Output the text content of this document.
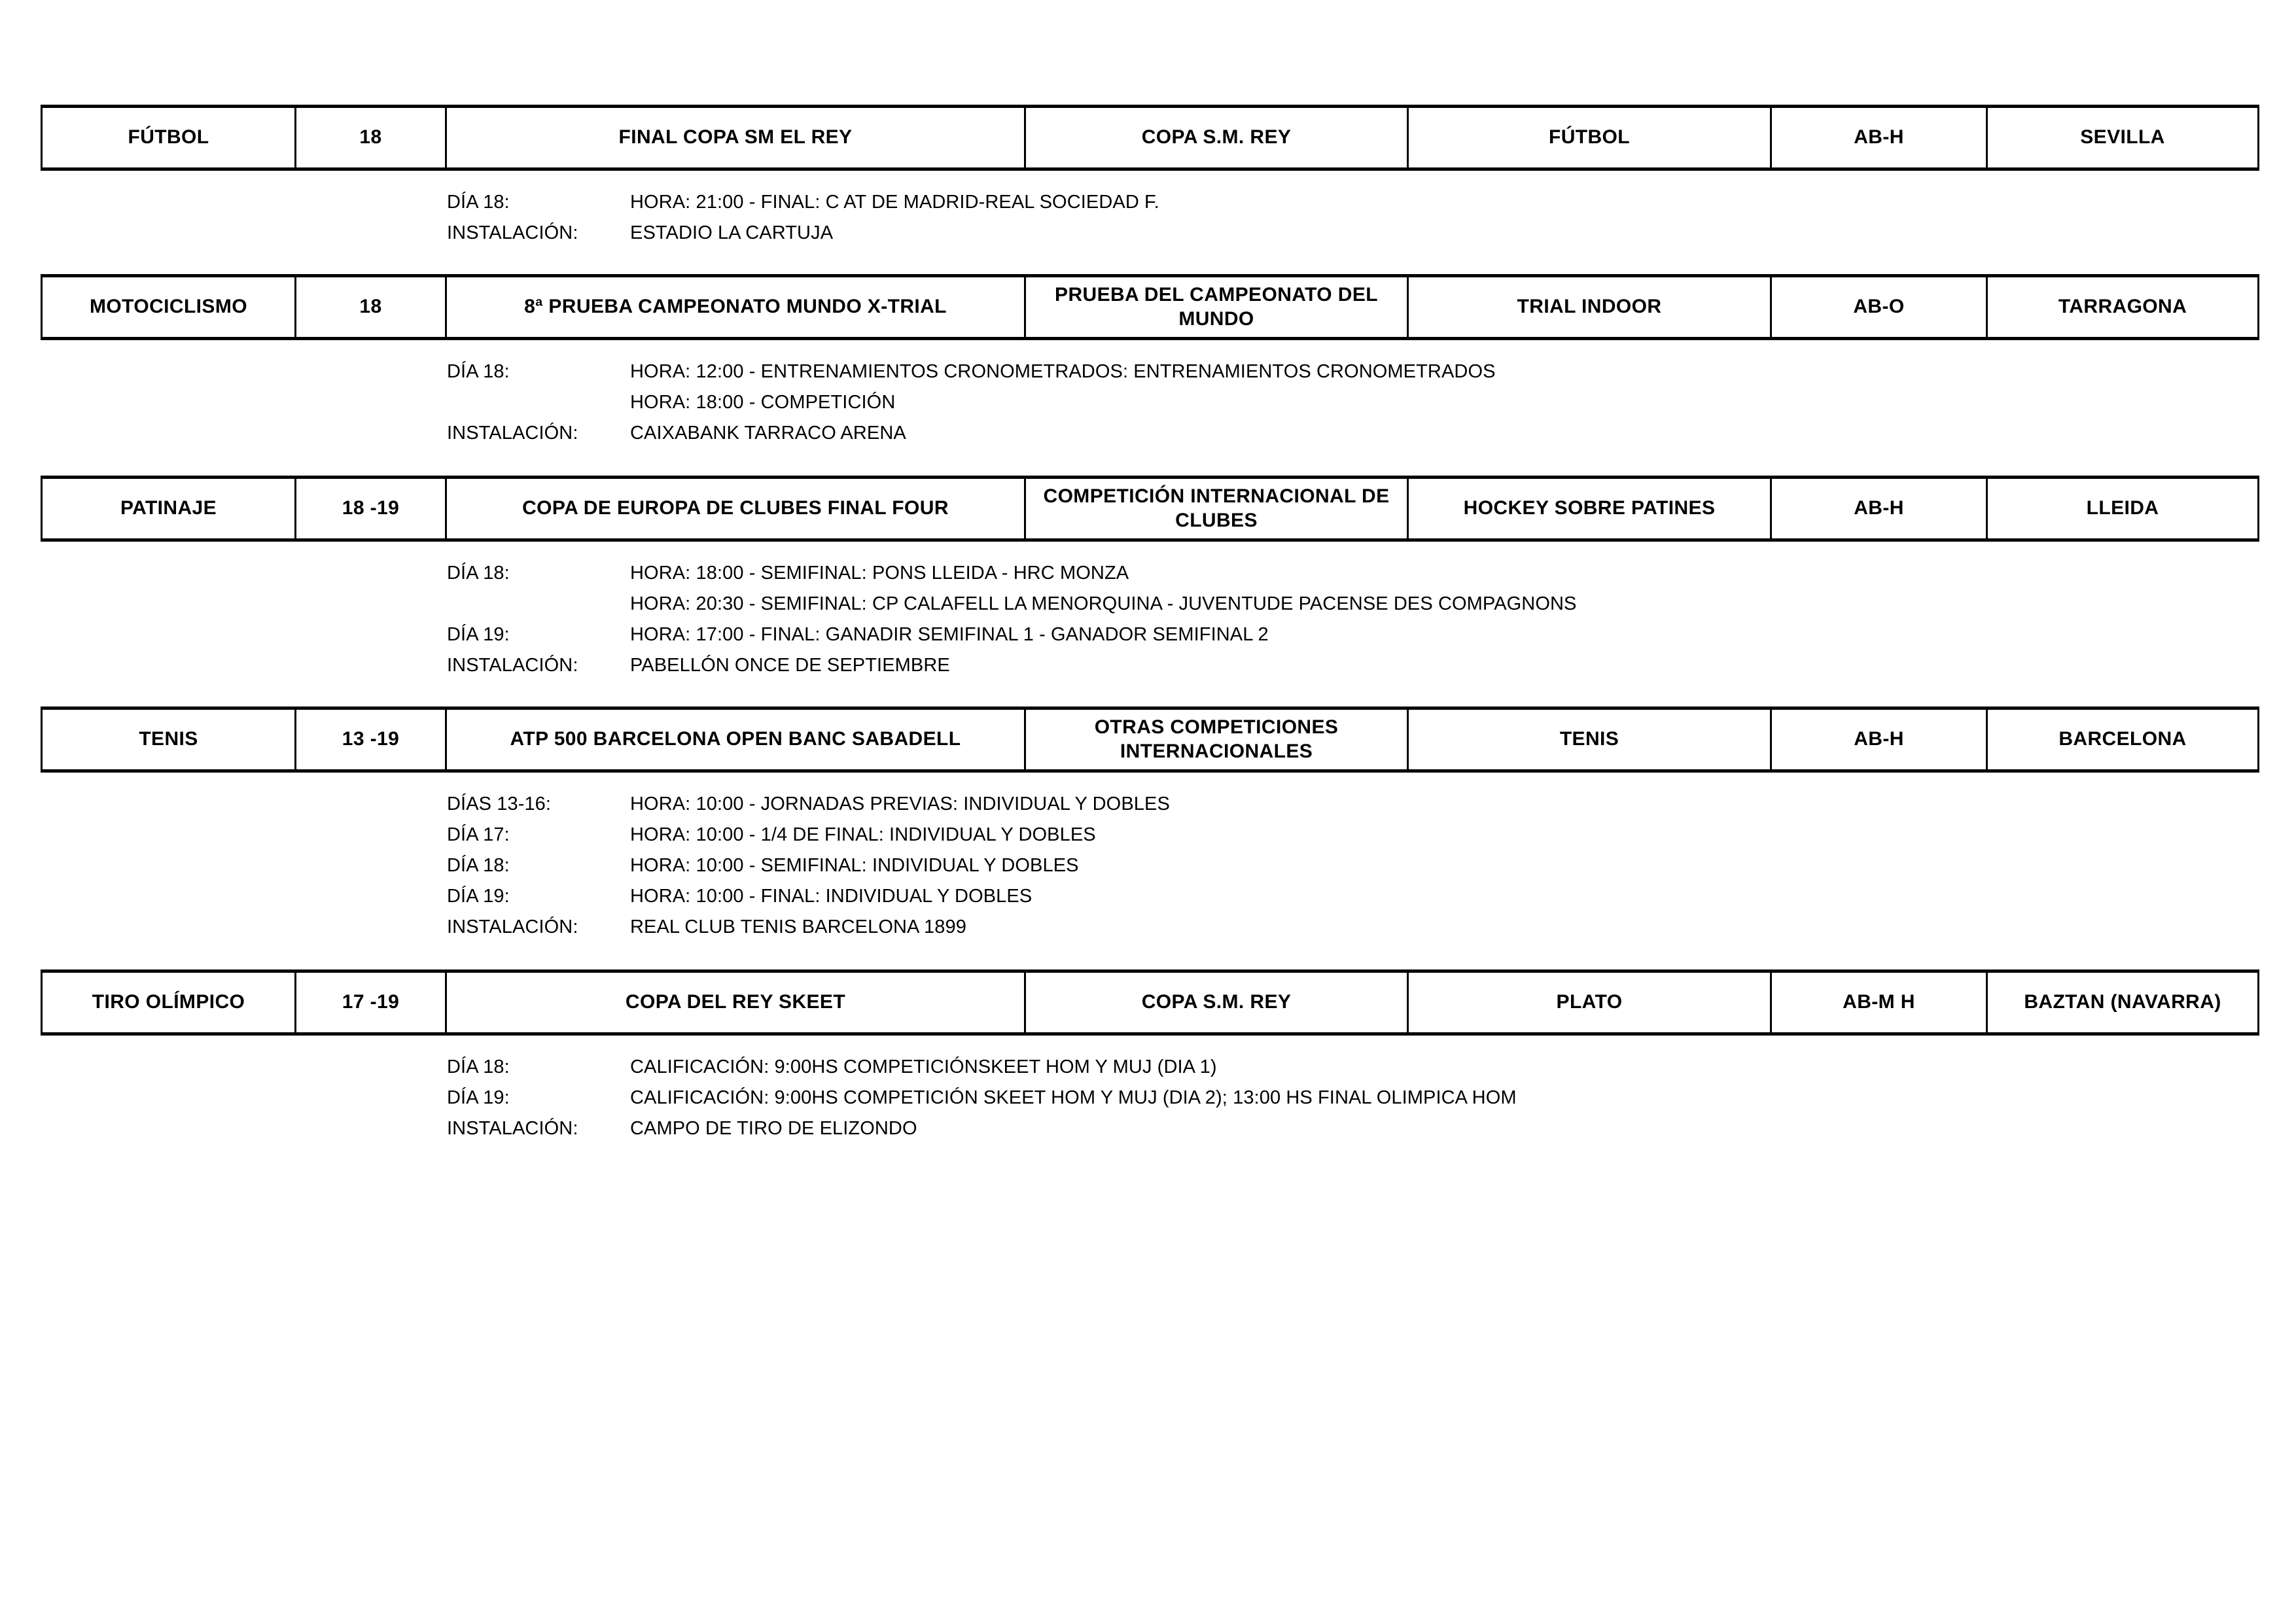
FÚTBOL	18	FINAL COPA SM EL REY	COPA S.M. REY	FÚTBOL	AB-H	SEVILLA
DÍA 18:	HORA: 21:00 - FINAL: C AT DE MADRID-REAL SOCIEDAD F.
INSTALACIÓN:	ESTADIO LA CARTUJA
MOTOCICLISMO	18	8ª PRUEBA CAMPEONATO MUNDO X-TRIAL	PRUEBA DEL CAMPEONATO DEL MUNDO	TRIAL INDOOR	AB-O	TARRAGONA
DÍA 18:	HORA: 12:00 - ENTRENAMIENTOS CRONOMETRADOS: ENTRENAMIENTOS CRONOMETRADOS
HORA: 18:00 - COMPETICIÓN
INSTALACIÓN:	CAIXABANK TARRACO ARENA
PATINAJE	18 -19	COPA DE EUROPA DE CLUBES FINAL FOUR	COMPETICIÓN INTERNACIONAL DE CLUBES	HOCKEY SOBRE PATINES	AB-H	LLEIDA
DÍA 18:	HORA: 18:00 - SEMIFINAL: PONS LLEIDA - HRC MONZA
HORA: 20:30 - SEMIFINAL: CP CALAFELL LA MENORQUINA - JUVENTUDE PACENSE DES COMPAGNONS
DÍA 19:	HORA: 17:00 - FINAL: GANADIR SEMIFINAL 1 - GANADOR SEMIFINAL 2
INSTALACIÓN:	PABELLÓN ONCE DE SEPTIEMBRE
TENIS	13 -19	ATP 500 BARCELONA OPEN BANC SABADELL	OTRAS COMPETICIONES INTERNACIONALES	TENIS	AB-H	BARCELONA
DÍAS 13-16:	HORA: 10:00 - JORNADAS PREVIAS: INDIVIDUAL Y DOBLES
DÍA 17:	HORA: 10:00 - 1/4 DE FINAL: INDIVIDUAL Y DOBLES
DÍA 18:	HORA: 10:00 - SEMIFINAL: INDIVIDUAL Y DOBLES
DÍA 19:	HORA: 10:00 - FINAL: INDIVIDUAL Y DOBLES
INSTALACIÓN:	REAL CLUB TENIS BARCELONA 1899
TIRO OLÍMPICO	17 -19	COPA DEL REY SKEET	COPA S.M. REY	PLATO	AB-M H	BAZTAN (NAVARRA)
DÍA 18:	CALIFICACIÓN: 9:00HS COMPETICIÓNSKEET HOM Y MUJ (DIA 1)
DÍA 19:	CALIFICACIÓN: 9:00HS COMPETICIÓN SKEET HOM Y MUJ (DIA 2); 13:00 HS FINAL OLIMPICA HOM
INSTALACIÓN:	CAMPO DE TIRO DE ELIZONDO
